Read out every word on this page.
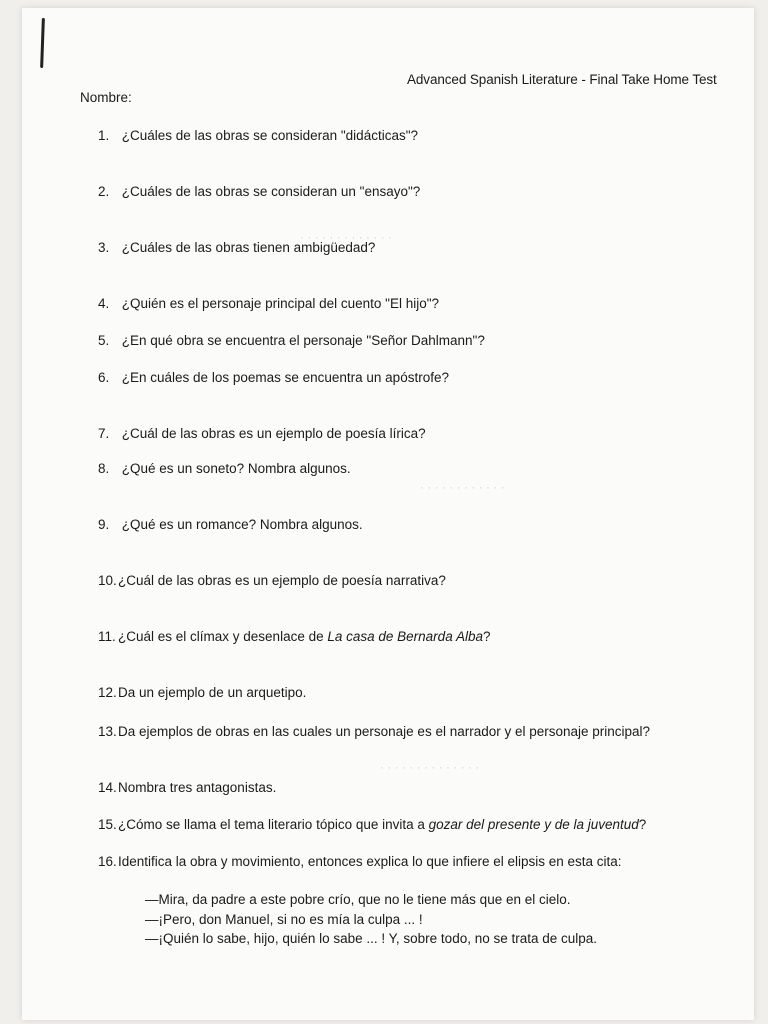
· · · · · · · · · · · · ·
· · · · · · · · · · · ·
· · · · · · · · · · · · · ·
Advanced Spanish Literature - Final Take Home Test
Nombre:
1. ¿Cuáles de las obras se consideran "didácticas"?
2. ¿Cuáles de las obras se consideran un "ensayo"?
3. ¿Cuáles de las obras tienen ambigüedad?
4. ¿Quién es el personaje principal del cuento "El hijo"?
5. ¿En qué obra se encuentra el personaje "Señor Dahlmann"?
6. ¿En cuáles de los poemas se encuentra un apóstrofe?
7. ¿Cuál de las obras es un ejemplo de poesía lírica?
8. ¿Qué es un soneto? Nombra algunos.
9. ¿Qué es un romance? Nombra algunos.
10.¿Cuál de las obras es un ejemplo de poesía narrativa?
11. ¿Cuál es el clímax y desenlace de La casa de Bernarda Alba?
12.Da un ejemplo de un arquetipo.
13.Da ejemplos de obras en las cuales un personaje es el narrador y el personaje principal?
14.Nombra tres antagonistas.
15.¿Cómo se llama el tema literario tópico que invita a gozar del presente y de la juventud?
16.Identifica la obra y movimiento, entonces explica lo que infiere el elipsis en esta cita:
—Mira, da padre a este pobre crío, que no le tiene más que en el cielo.
—¡Pero, don Manuel, si no es mía la culpa ... !
—¡Quién lo sabe, hijo, quién lo sabe ... ! Y, sobre todo, no se trata de culpa.
